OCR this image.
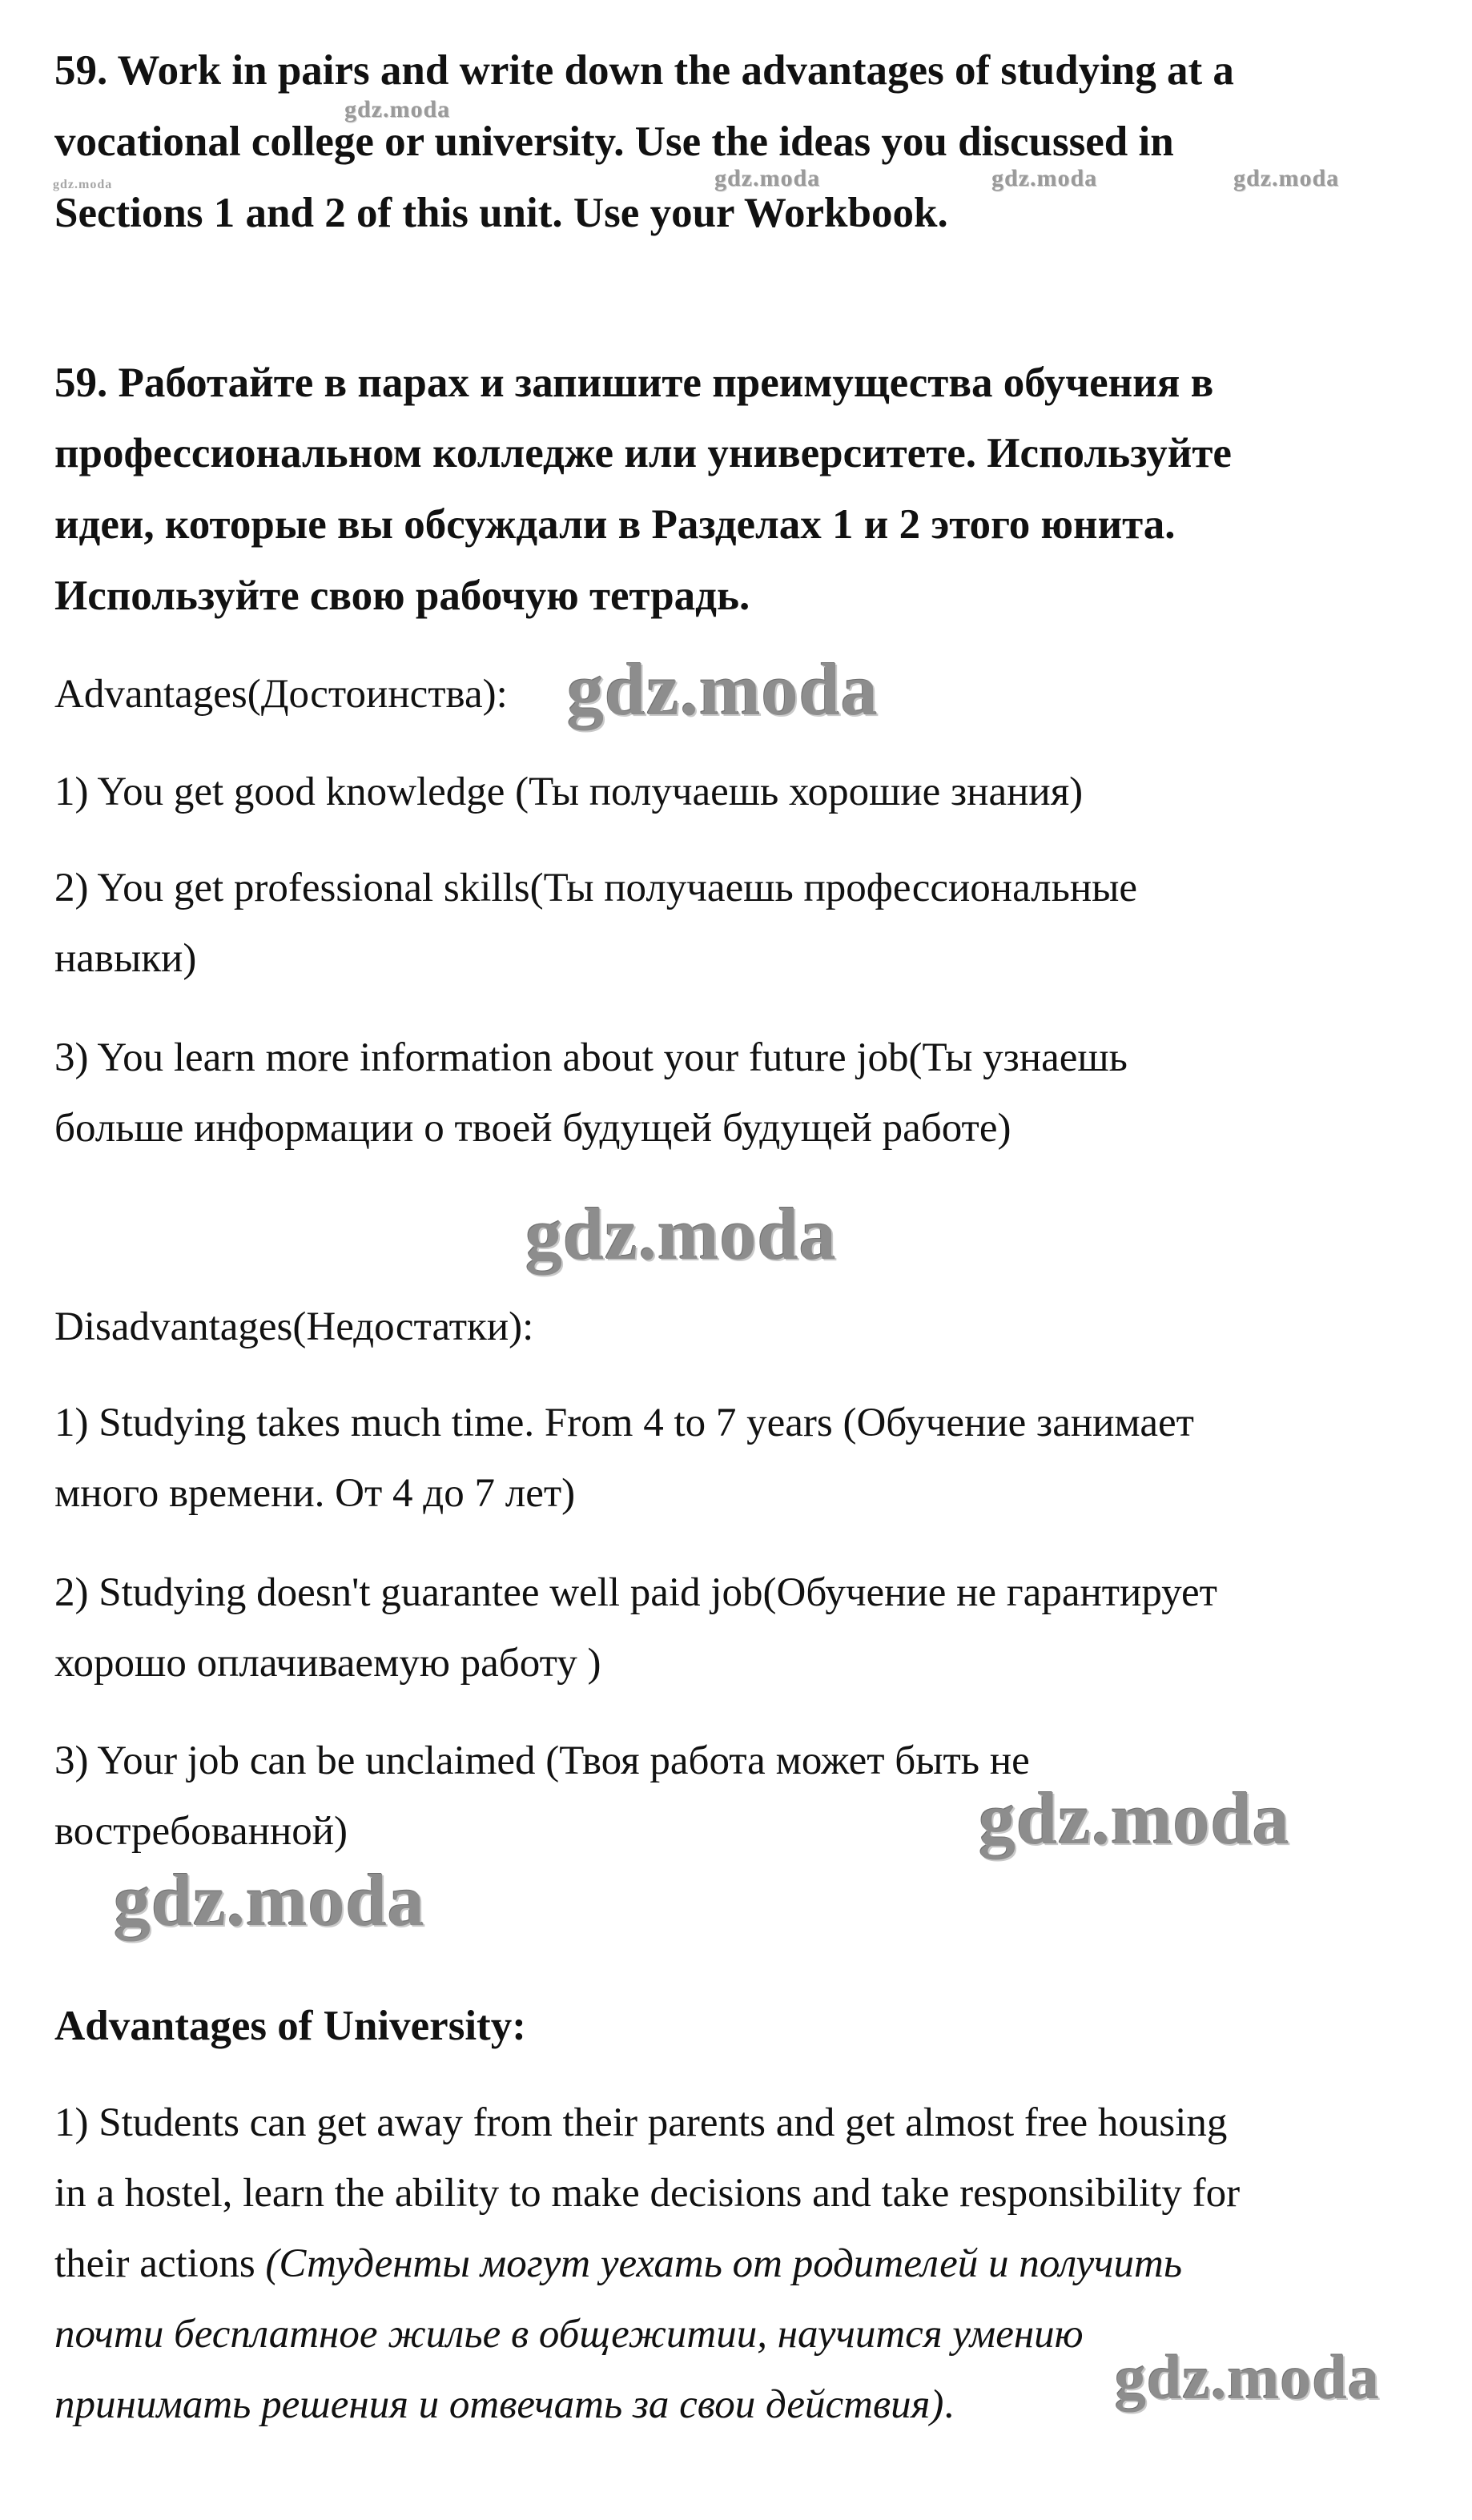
59. Work in pairs and write down the advantages of studying at a
vocational college or university. Use the ideas you discussed in
Sections 1 and 2 of this unit. Use your Workbook.
59. Работайте в парах и запишите преимущества обучения в
профессиональном колледже или университете. Используйте
идеи, которые вы обсуждали в Разделах 1 и 2 этого юнита.
Используйте свою рабочую тетрадь.
Advantages(Достоинства):
1) You get good knowledge (Ты получаешь хорошие знания)
2) You get professional skills(Ты получаешь профессиональные
навыки)
3) You learn more information about your future job(Ты узнаешь
больше информации о твоей будущей будущей работе)
Disadvantages(Недостатки):
1) Studying takes much time. From 4 to 7 years (Обучение занимает
много времени. От 4 до 7 лет)
2) Studying doesn't guarantee well paid job(Обучение не гарантирует
хорошо оплачиваемую работу )
3) Your job can be unclaimed (Твоя работа может быть не
востребованной)
Advantages of University:
1) Students can get away from their parents and get almost free housing
in a hostel, learn the ability to make decisions and take responsibility for
their actions (Студенты могут уехать от родителей и получить
почти бесплатное жилье в общежитии, научится умению
принимать решения и отвечать за свои действия).
gdz.moda
gdz.moda	gdz.moda	gdz.moda	gdz.moda
gdz.moda
gdz.moda
gdz.moda
gdz.moda
gdz.moda
